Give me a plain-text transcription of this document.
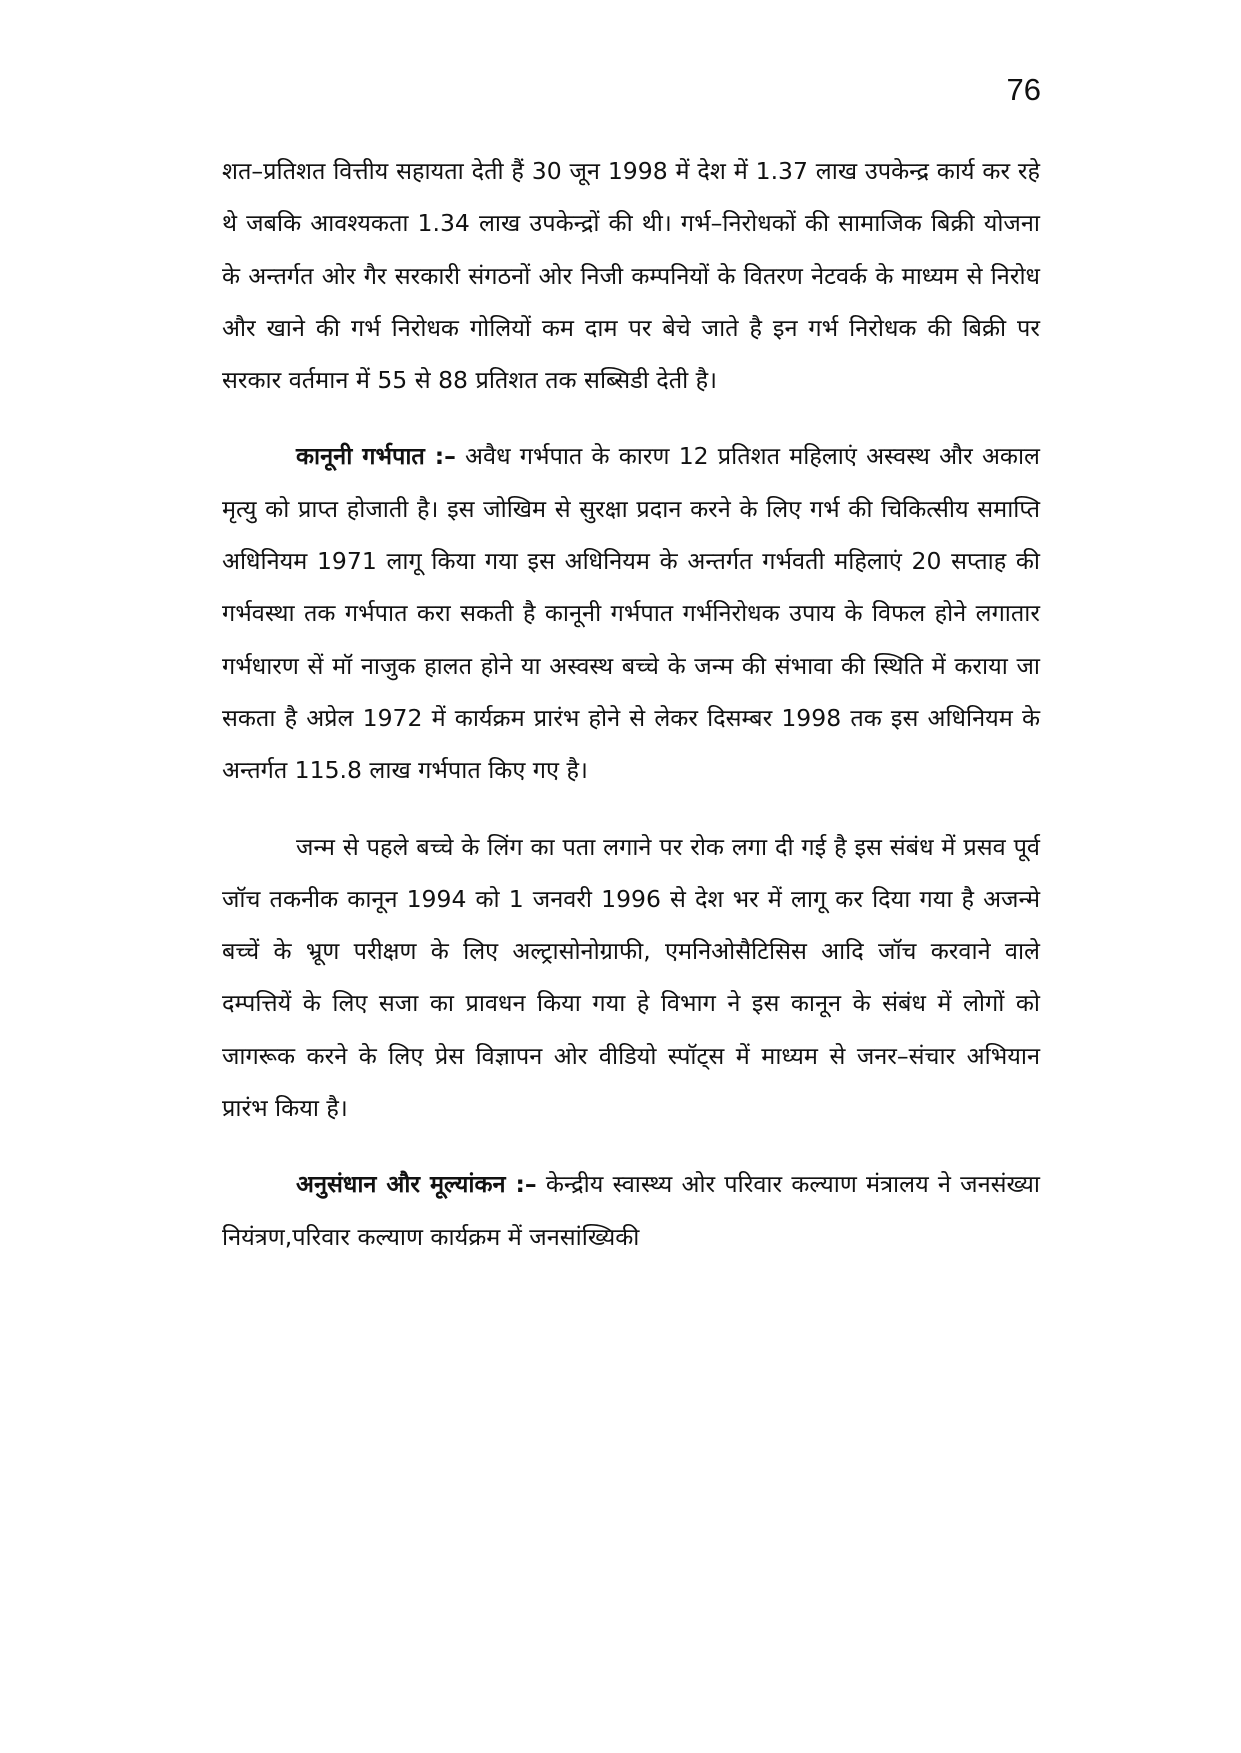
76

शत–प्रतिशत वित्तीय सहायता देती हैं 30 जून 1998 में देश में 1.37 लाख उपकेन्द्र कार्य कर रहे थे जबकि आवश्यकता 1.34 लाख उपकेन्द्रों की थी। गर्भ–निरोधकों की सामाजिक बिक्री योजना के अन्तर्गत ओर गैर सरकारी संगठनों ओर निजी कम्पनियों के वितरण नेटवर्क के माध्यम से निरोध और खाने की गर्भ निरोधक गोलियों कम दाम पर बेचे जाते है इन गर्भ निरोधक की बिक्री पर सरकार वर्तमान में 55 से 88 प्रतिशत तक सब्सिडी देती है।

कानूनी गर्भपात :– अवैध गर्भपात के कारण 12 प्रतिशत महिलाएं अस्वस्थ और अकाल मृत्यु को प्राप्त होजाती है। इस जोखिम से सुरक्षा प्रदान करने के लिए गर्भ की चिकित्सीय समाप्ति अधिनियम 1971 लागू किया गया इस अधिनियम के अन्तर्गत गर्भवती महिलाएं 20 सप्ताह की गर्भवस्था तक गर्भपात करा सकती है कानूनी गर्भपात गर्भनिरोधक उपाय के विफल होने लगातार गर्भधारण सें मॉ नाजुक हालत होने या अस्वस्थ बच्चे के जन्म की संभावा की स्थिति में कराया जा सकता है अप्रेल 1972 में कार्यक्रम प्रारंभ होने से लेकर दिसम्बर 1998 तक इस अधिनियम के अन्तर्गत 115.8 लाख गर्भपात किए गए है।

जन्म से पहले बच्चे के लिंग का पता लगाने पर रोक लगा दी गई है इस संबंध में प्रसव पूर्व जॉच तकनीक कानून 1994 को 1 जनवरी 1996 से देश भर में लागू कर दिया गया है अजन्मे बच्चें के भ्रूण परीक्षण के लिए अल्ट्रासोनोग्राफी, एमनिओसैटिसिस आदि जॉच करवाने वाले दम्पत्तियें के लिए सजा का प्रावधन किया गया हे विभाग ने इस कानून के संबंध में लोगों को जागरूक करने के लिए प्रेस विज्ञापन ओर वीडियो स्पॉट्स में माध्यम से जनर–संचार अभियान प्रारंभ किया है।

अनुसंधान और मूल्यांकन :– केन्द्रीय स्वास्थ्य ओर परिवार कल्याण मंत्रालय ने जनसंख्या नियंत्रण,परिवार कल्याण कार्यक्रम में जनसांख्यिकी
